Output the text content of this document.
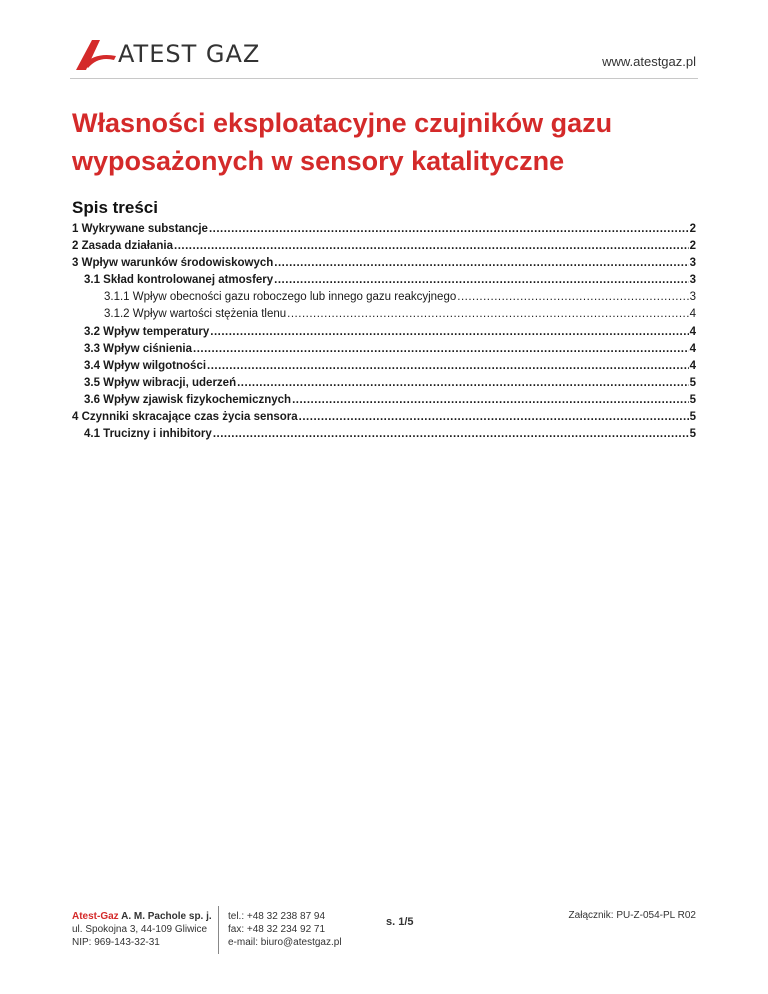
ATEST GAZ	www.atestgaz.pl
Własności eksploatacyjne czujników gazu wyposażonych w sensory katalityczne
Spis treści
1 Wykrywane substancje .....	2
2 Zasada działania .....	2
3 Wpływ warunków środowiskowych .....	3
3.1 Skład kontrolowanej atmosfery .....	3
3.1.1 Wpływ obecności gazu roboczego lub innego gazu reakcyjnego .....	3
3.1.2 Wpływ wartości stężenia tlenu .....	4
3.2 Wpływ temperatury .....	4
3.3 Wpływ ciśnienia .....	4
3.4 Wpływ wilgotności .....	4
3.5 Wpływ wibracji, uderzeń .....	5
3.6 Wpływ zjawisk fizykochemicznych .....	5
4 Czynniki skracające czas życia sensora .....	5
4.1 Trucizny i inhibitory .....	5
Atest-Gaz A. M. Pachole sp. j.
ul. Spokojna 3, 44-109 Gliwice
NIP: 969-143-32-31
tel.: +48 32 238 87 94
fax: +48 32 234 92 71
e-mail: biuro@atestgaz.pl
s. 1/5
Załącznik: PU-Z-054-PL R02
